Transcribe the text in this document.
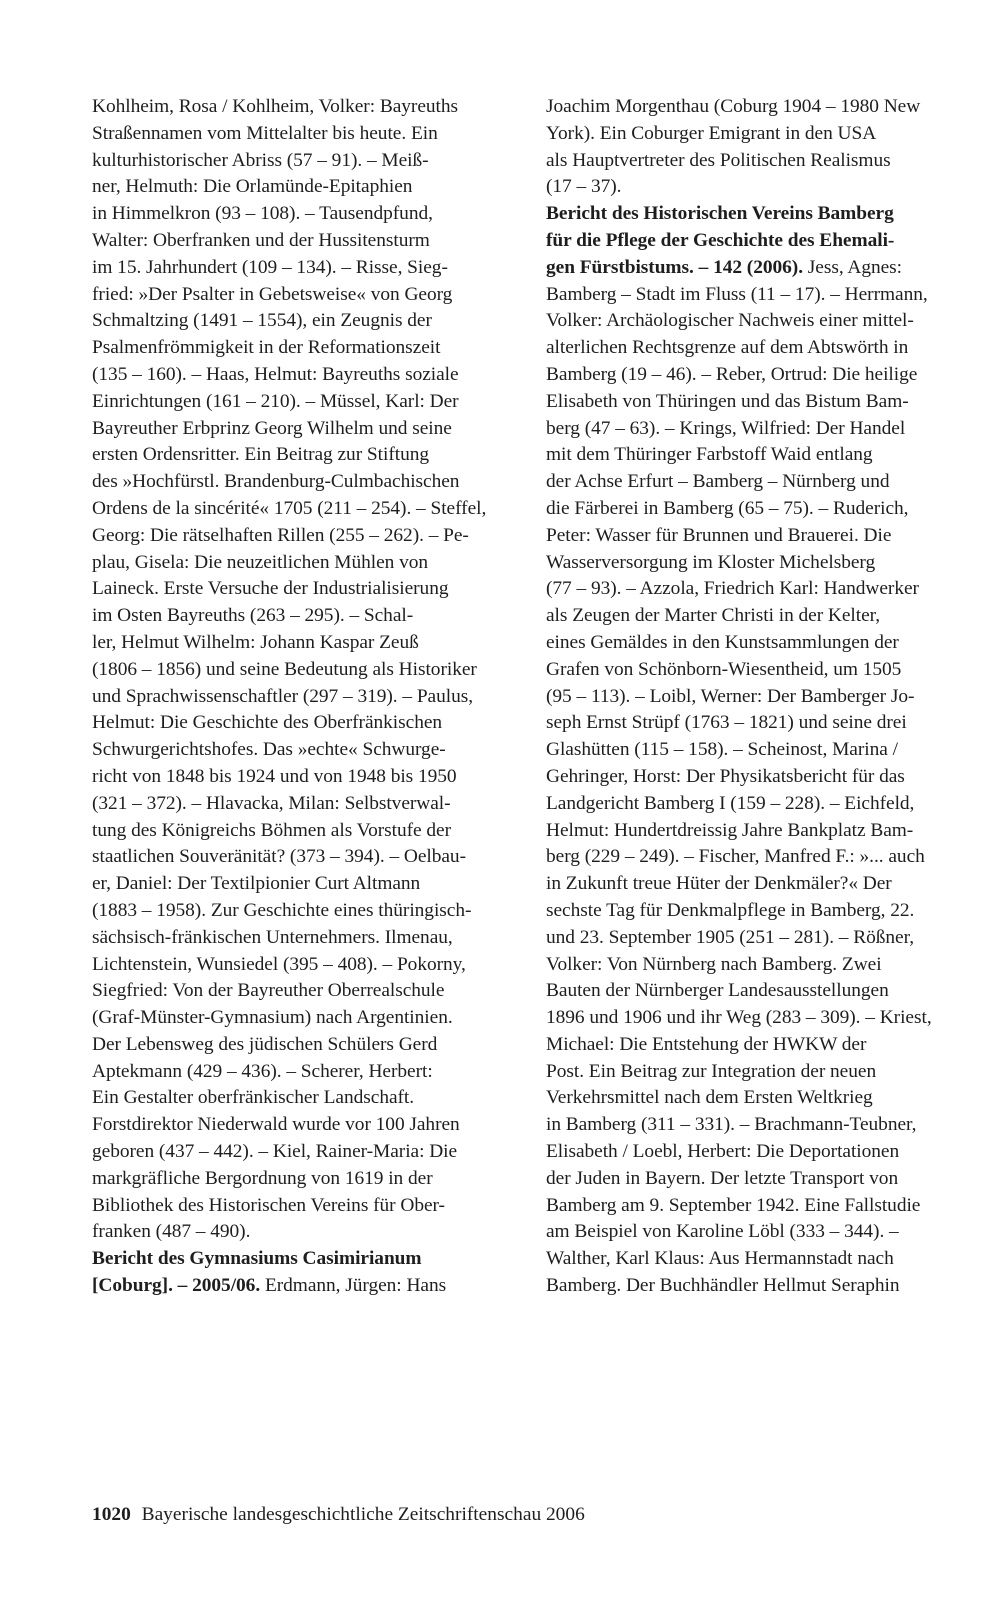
Kohlheim, Rosa / Kohlheim, Volker: Bayreuths
Straßennamen vom Mittelalter bis heute. Ein
kulturhistorischer Abriss (57 – 91). – Meiß-
ner, Helmuth: Die Orlamünde-Epitaphien
in Himmelkron (93 – 108). – Tausendpfund,
Walter: Oberfranken und der Hussitensturm
im 15. Jahrhundert (109 – 134). – Risse, Sieg-
fried: »Der Psalter in Gebetsweise« von Georg
Schmaltzing (1491 – 1554), ein Zeugnis der
Psalmenfrömmigkeit in der Reformationszeit
(135 – 160). – Haas, Helmut: Bayreuths soziale
Einrichtungen (161 – 210). – Müssel, Karl: Der
Bayreuther Erbprinz Georg Wilhelm und seine
ersten Ordensritter. Ein Beitrag zur Stiftung
des »Hochfürstl. Brandenburg-Culmbachischen
Ordens de la sincérité« 1705 (211 – 254). – Steffel,
Georg: Die rätselhaften Rillen (255 – 262). – Pe-
plau, Gisela: Die neuzeitlichen Mühlen von
Laineck. Erste Versuche der Industrialisierung
im Osten Bayreuths (263 – 295). – Schal-
ler, Helmut Wilhelm: Johann Kaspar Zeuß
(1806 – 1856) und seine Bedeutung als Historiker
und Sprachwissenschaftler (297 – 319). – Paulus,
Helmut: Die Geschichte des Oberfränkischen
Schwurgerichtshofes. Das »echte« Schwurge-
richt von 1848 bis 1924 und von 1948 bis 1950
(321 – 372). – Hlavacka, Milan: Selbstverwal-
tung des Königreichs Böhmen als Vorstufe der
staatlichen Souveränität? (373 – 394). – Oelbau-
er, Daniel: Der Textilpionier Curt Altmann
(1883 – 1958). Zur Geschichte eines thüringisch-
sächsisch-fränkischen Unternehmers. Ilmenau,
Lichtenstein, Wunsiedel (395 – 408). – Pokorny,
Siegfried: Von der Bayreuther Oberrealschule
(Graf-Münster-Gymnasium) nach Argentinien.
Der Lebensweg des jüdischen Schülers Gerd
Aptekmann (429 – 436). – Scherer, Herbert:
Ein Gestalter oberfränkischer Landschaft.
Forstdirektor Niederwald wurde vor 100 Jahren
geboren (437 – 442). – Kiel, Rainer-Maria: Die
markgräfliche Bergordnung von 1619 in der
Bibliothek des Historischen Vereins für Ober-
franken (487 – 490).
Bericht des Gymnasiums Casimirianum
[Coburg]. – 2005/06. Erdmann, Jürgen: Hans
Joachim Morgenthau (Coburg 1904 – 1980 New
York). Ein Coburger Emigrant in den USA
als Hauptvertreter des Politischen Realismus
(17 – 37).
Bericht des Historischen Vereins Bamberg
für die Pflege der Geschichte des Ehemali-
gen Fürstbistums. – 142 (2006). Jess, Agnes:
Bamberg – Stadt im Fluss (11 – 17). – Herrmann,
Volker: Archäologischer Nachweis einer mittel-
alterlichen Rechtsgrenze auf dem Abtswörth in
Bamberg (19 – 46). – Reber, Ortrud: Die heilige
Elisabeth von Thüringen und das Bistum Bam-
berg (47 – 63). – Krings, Wilfried: Der Handel
mit dem Thüringer Farbstoff Waid entlang
der Achse Erfurt – Bamberg – Nürnberg und
die Färberei in Bamberg (65 – 75). – Ruderich,
Peter: Wasser für Brunnen und Brauerei. Die
Wasserversorgung im Kloster Michelsberg
(77 – 93). – Azzola, Friedrich Karl: Handwerker
als Zeugen der Marter Christi in der Kelter,
eines Gemäldes in den Kunstsammlungen der
Grafen von Schönborn-Wiesentheid, um 1505
(95 – 113). – Loibl, Werner: Der Bamberger Jo-
seph Ernst Strüpf (1763 – 1821) und seine drei
Glashütten (115 – 158). – Scheinost, Marina /
Gehringer, Horst: Der Physikatsbericht für das
Landgericht Bamberg I (159 – 228). – Eichfeld,
Helmut: Hundertdreissig Jahre Bankplatz Bam-
berg (229 – 249). – Fischer, Manfred F.: »... auch
in Zukunft treue Hüter der Denkmäler?« Der
sechste Tag für Denkmalpflege in Bamberg, 22.
und 23. September 1905 (251 – 281). – Rößner,
Volker: Von Nürnberg nach Bamberg. Zwei
Bauten der Nürnberger Landesausstellungen
1896 und 1906 und ihr Weg (283 – 309). – Kriest,
Michael: Die Entstehung der HWKW der
Post. Ein Beitrag zur Integration der neuen
Verkehrsmittel nach dem Ersten Weltkrieg
in Bamberg (311 – 331). – Brachmann-Teubner,
Elisabeth / Loebl, Herbert: Die Deportationen
der Juden in Bayern. Der letzte Transport von
Bamberg am 9. September 1942. Eine Fallstudie
am Beispiel von Karoline Löbl (333 – 344). –
Walther, Karl Klaus: Aus Hermannstadt nach
Bamberg. Der Buchhändler Hellmut Seraphin
1020 Bayerische landesgeschichtliche Zeitschriftenschau 2006
